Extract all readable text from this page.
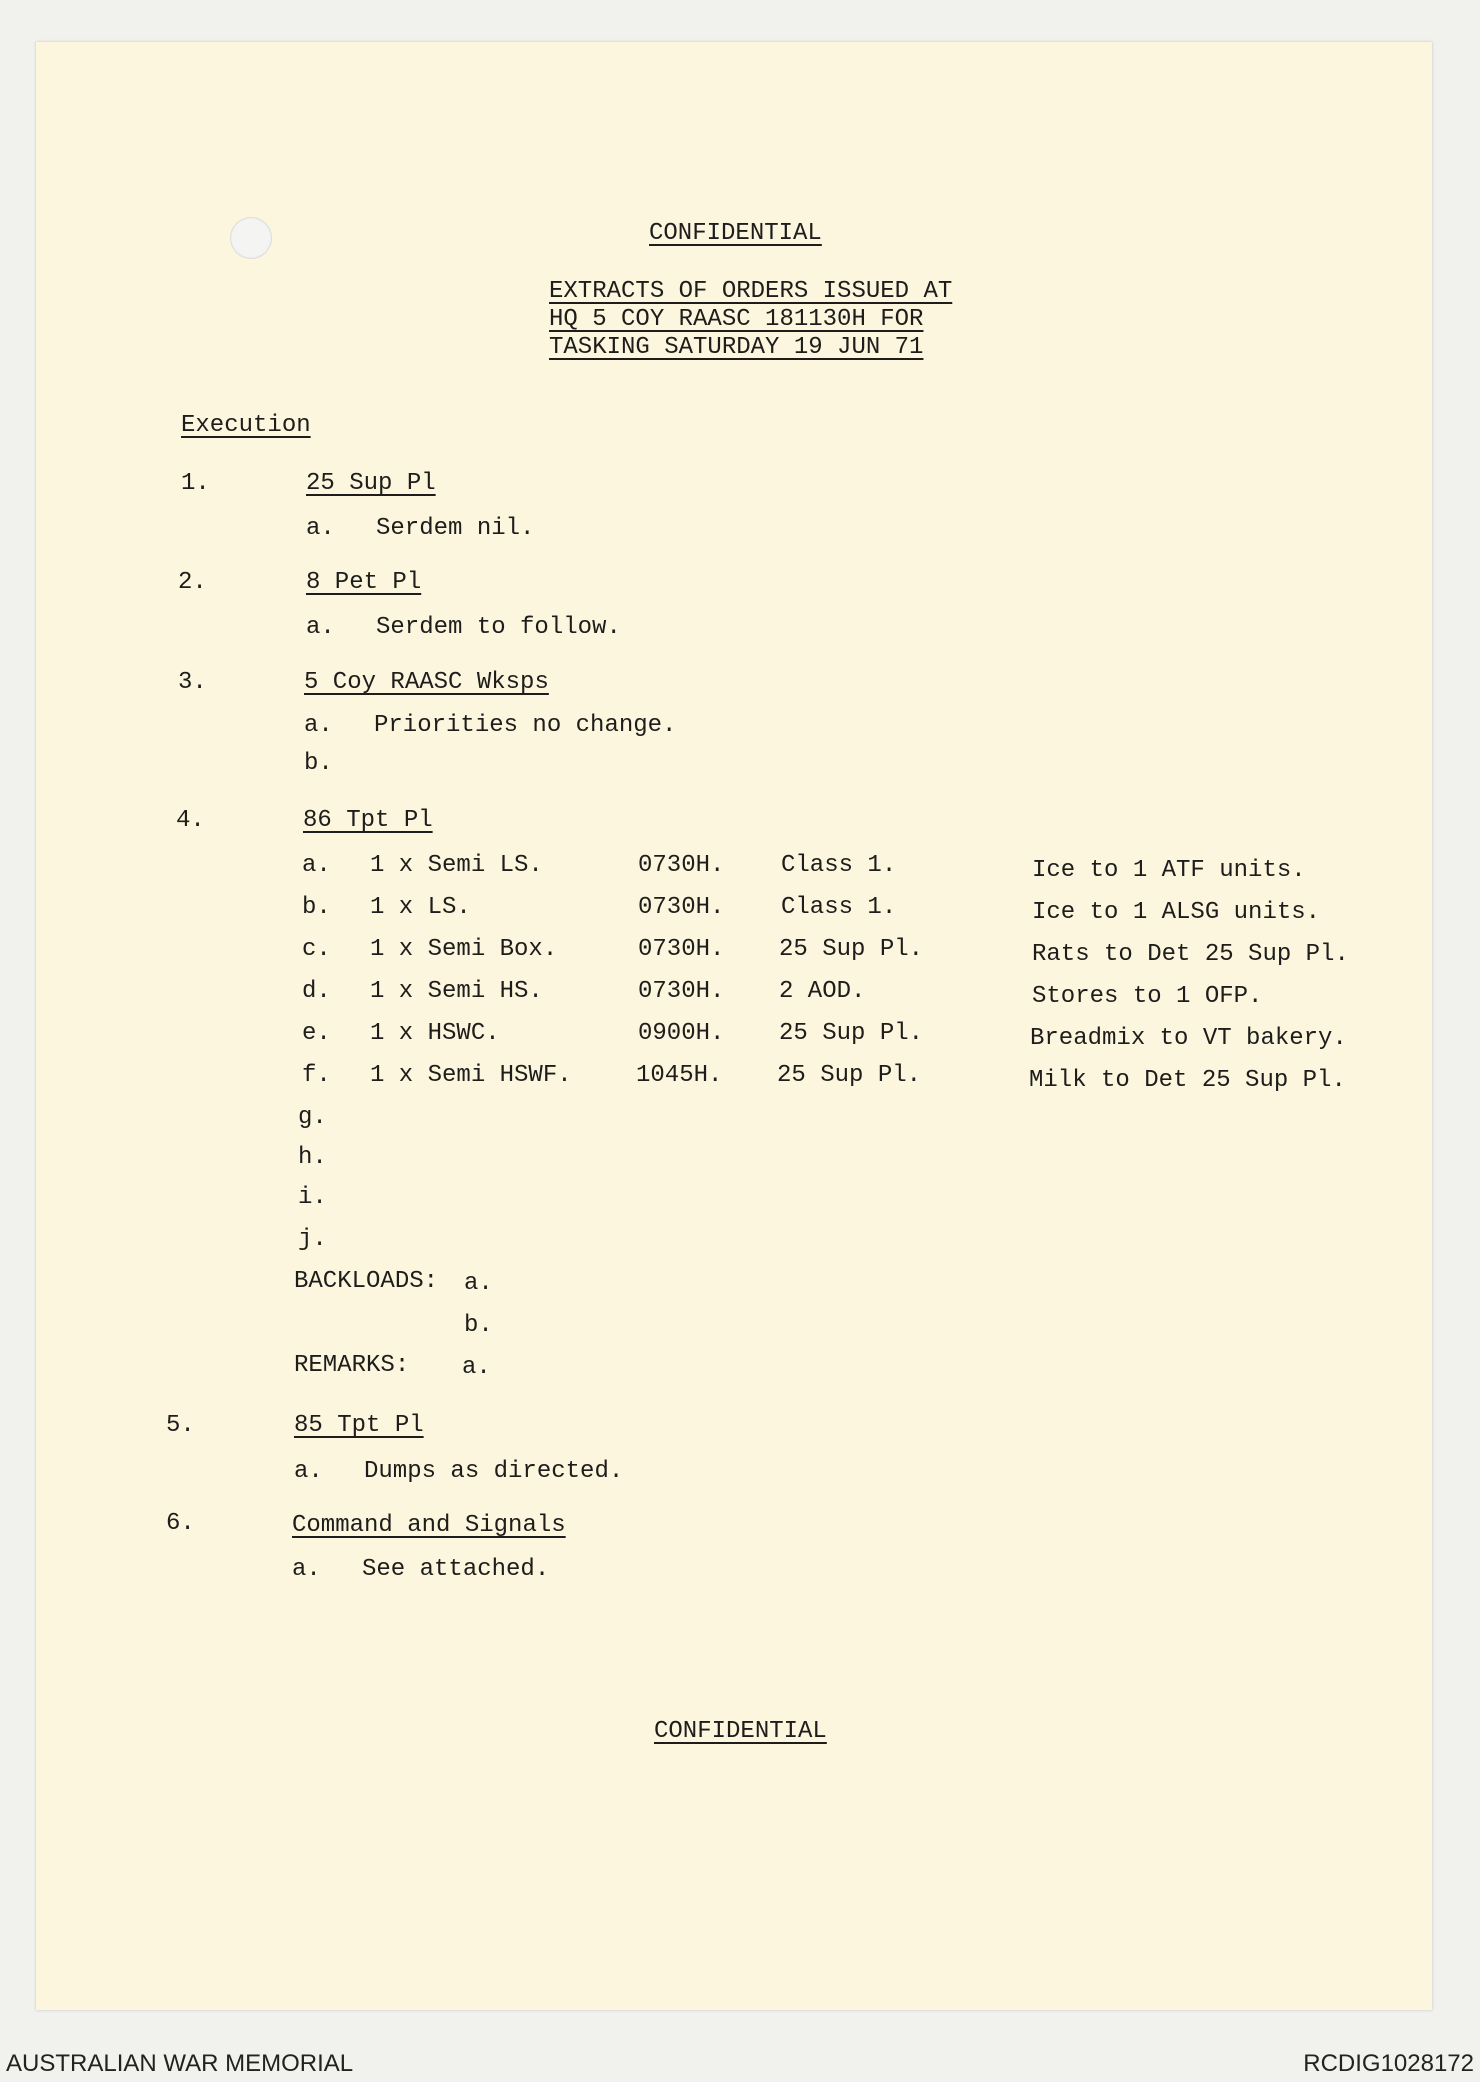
CONFIDENTIAL
EXTRACTS OF ORDERS ISSUED AT
HQ 5 COY RAASC 181130H FOR
TASKING SATURDAY 19 JUN 71
Execution
1.	25 Sup Pl
a. Serdem nil.
2.	8 Pet Pl
a. Serdem to follow.
3.	5 Coy RAASC Wksps
a. Priorities no change.
b.
4.	86 Tpt Pl
a. 1 x Semi LS.	0730H. Class 1.	Ice to 1 ATF units.
b. 1 x LS.	0730H. Class 1.	Ice to 1 ALSG units.
c. 1 x Semi Box.	0730H. 25 Sup Pl.	Rats to Det 25 Sup Pl.
d. 1 x Semi HS.	0730H. 2 AOD.	Stores to 1 OFP.
e. 1 x HSWC.	0900H. 25 Sup Pl.	Breadmix to VT bakery.
f. 1 x Semi HSWF.	1045H. 25 Sup Pl.	Milk to Det 25 Sup Pl.
g.
h.
i.
j.
BACKLOADS: a.
b.
REMARKS: a.
5.	85 Tpt Pl
a. Dumps as directed.
6.	Command and Signals
a. See attached.
CONFIDENTIAL
AUSTRALIAN WAR MEMORIAL	RCDIG1028172
